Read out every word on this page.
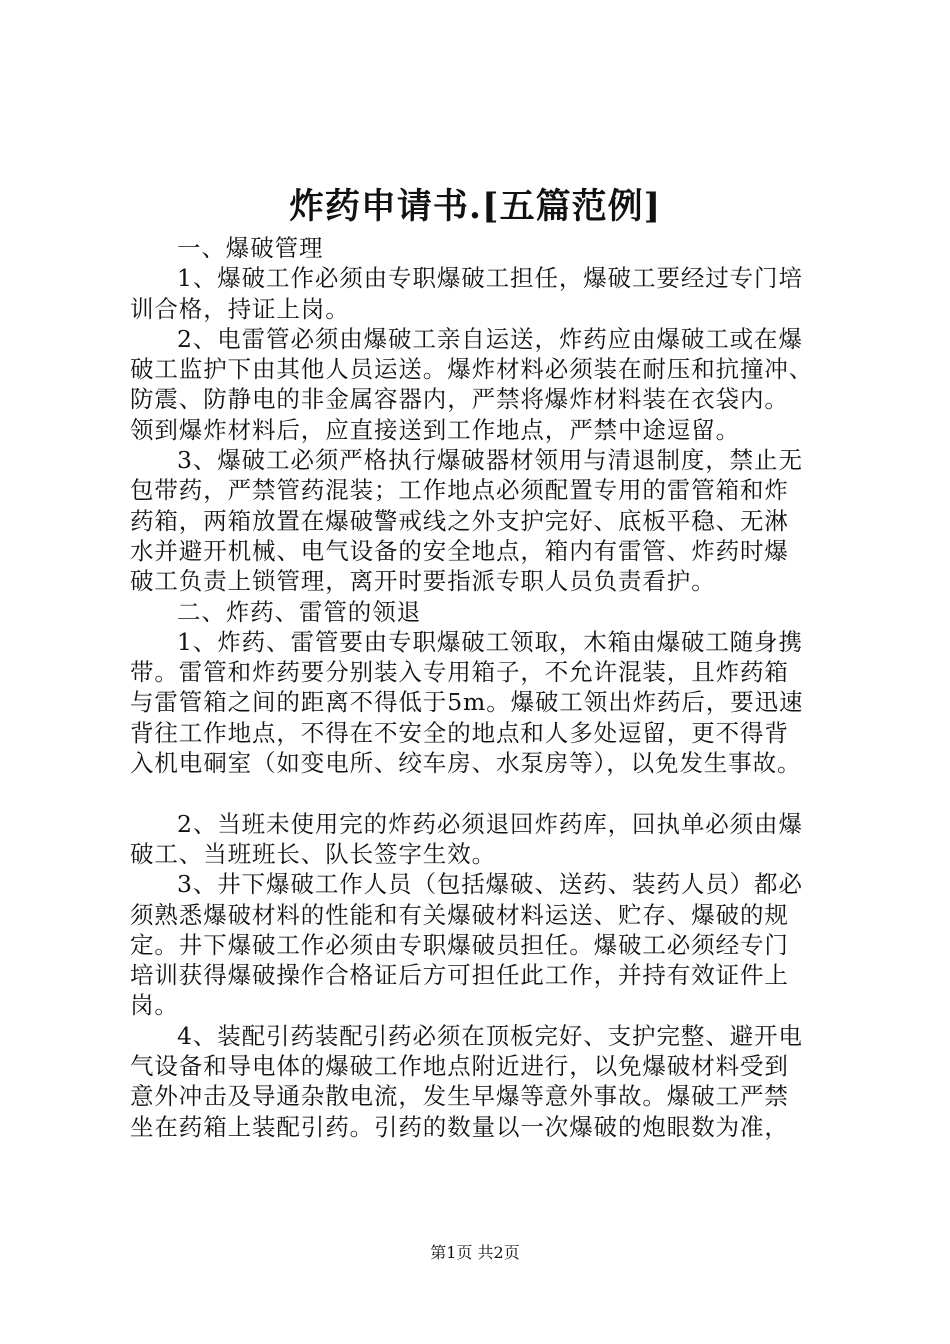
炸药申请书.[五篇范例]
一、爆破管理
1、爆破工作必须由专职爆破工担任，爆破工要经过专门培
训合格，持证上岗。
2、电雷管必须由爆破工亲自运送，炸药应由爆破工或在爆
破工监护下由其他人员运送。爆炸材料必须装在耐压和抗撞冲、
防震、防静电的非金属容器内，严禁将爆炸材料装在衣袋内。
领到爆炸材料后，应直接送到工作地点，严禁中途逗留。
3、爆破工必须严格执行爆破器材领用与清退制度，禁止无
包带药，严禁管药混装；工作地点必须配置专用的雷管箱和炸
药箱，两箱放置在爆破警戒线之外支护完好、底板平稳、无淋
水并避开机械、电气设备的安全地点，箱内有雷管、炸药时爆
破工负责上锁管理，离开时要指派专职人员负责看护。
二、炸药、雷管的领退
1、炸药、雷管要由专职爆破工领取，木箱由爆破工随身携
带。雷管和炸药要分别装入专用箱子，不允许混装，且炸药箱
与雷管箱之间的距离不得低于5m。爆破工领出炸药后，要迅速
背往工作地点，不得在不安全的地点和人多处逗留，更不得背
入机电硐室（如变电所、绞车房、水泵房等），以免发生事故。
2、当班未使用完的炸药必须退回炸药库，回执单必须由爆
破工、当班班长、队长签字生效。
3、井下爆破工作人员（包括爆破、送药、装药人员）都必
须熟悉爆破材料的性能和有关爆破材料运送、贮存、爆破的规
定。井下爆破工作必须由专职爆破员担任。爆破工必须经专门
培训获得爆破操作合格证后方可担任此工作，并持有效证件上
岗。
4、装配引药装配引药必须在顶板完好、支护完整、避开电
气设备和导电体的爆破工作地点附近进行，以免爆破材料受到
意外冲击及导通杂散电流，发生早爆等意外事故。爆破工严禁
坐在药箱上装配引药。引药的数量以一次爆破的炮眼数为准，
第1页 共2页
